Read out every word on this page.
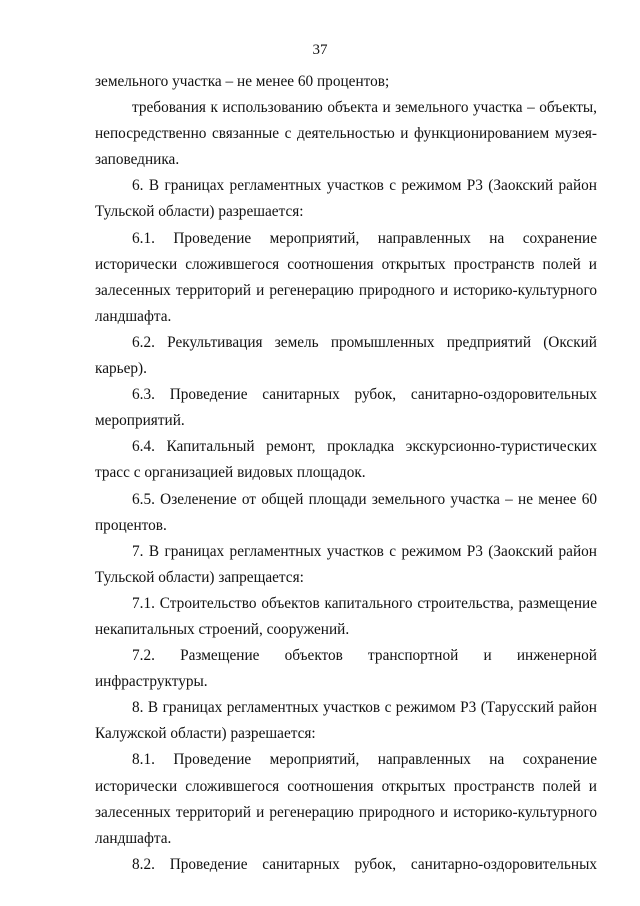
37

земельного участка – не менее 60 процентов;

требования к использованию объекта и земельного участка – объекты, непосредственно связанные с деятельностью и функционированием музея-заповедника.

6. В границах регламентных участков с режимом Р3 (Заокский район Тульской области) разрешается:

6.1. Проведение мероприятий, направленных на сохранение исторически сложившегося соотношения открытых пространств полей и залесенных территорий и регенерацию природного и историко-культурного ландшафта.

6.2. Рекультивация земель промышленных предприятий (Окский карьер).

6.3. Проведение санитарных рубок, санитарно-оздоровительных мероприятий.

6.4. Капитальный ремонт, прокладка экскурсионно-туристических трасс с организацией видовых площадок.

6.5. Озеленение от общей площади земельного участка – не менее 60 процентов.

7. В границах регламентных участков с режимом Р3 (Заокский район Тульской области) запрещается:

7.1. Строительство объектов капитального строительства, размещение некапитальных строений, сооружений.

7.2. Размещение объектов транспортной и инженерной инфраструктуры.

8. В границах регламентных участков с режимом Р3 (Тарусский район Калужской области) разрешается:

8.1. Проведение мероприятий, направленных на сохранение исторически сложившегося соотношения открытых пространств полей и залесенных территорий и регенерацию природного и историко-культурного ландшафта.

8.2. Проведение санитарных рубок, санитарно-оздоровительных
